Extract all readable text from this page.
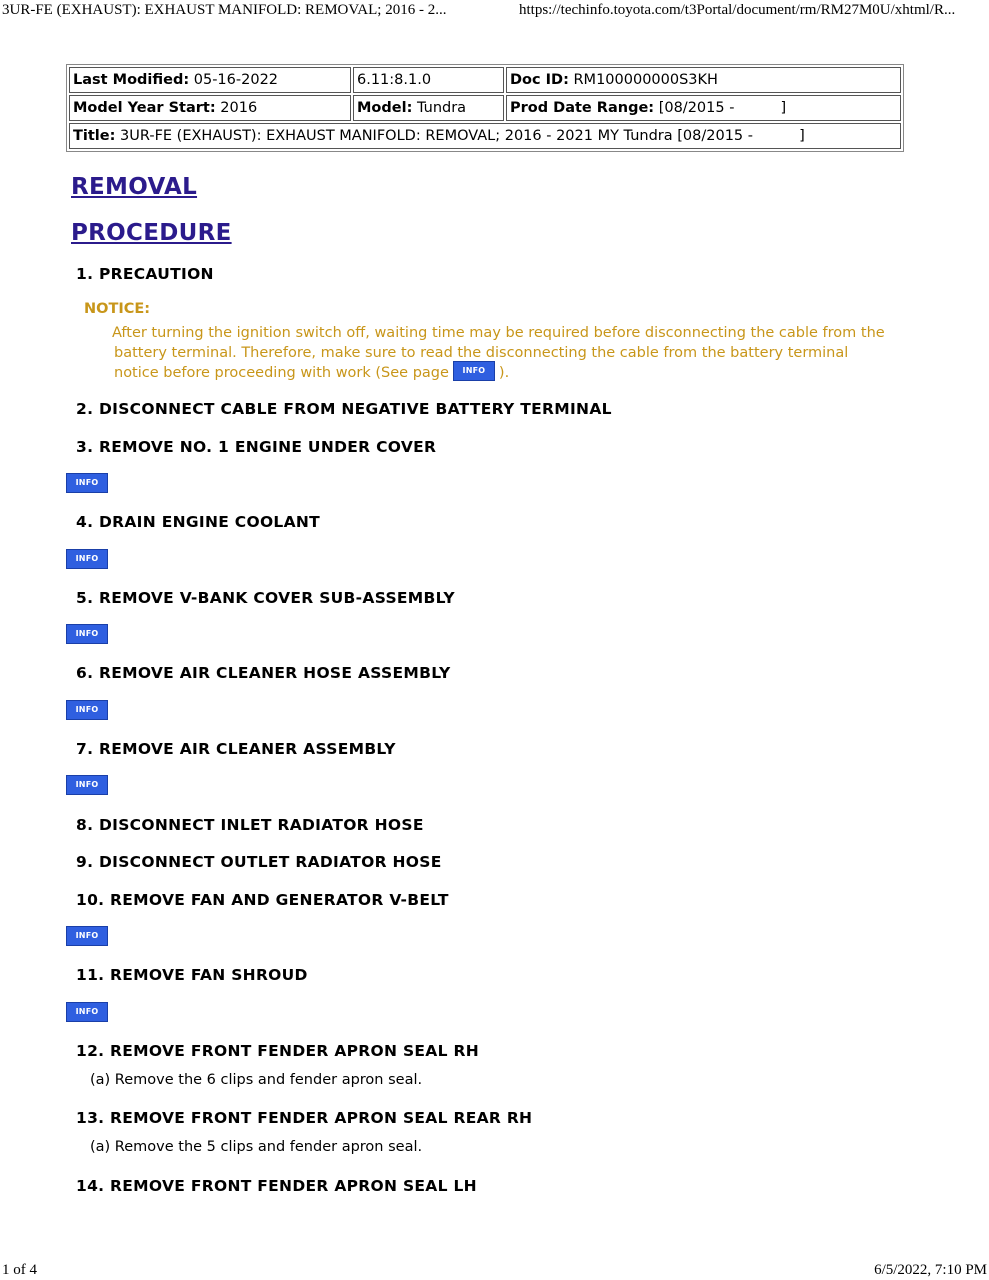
3UR-FE (EXHAUST): EXHAUST MANIFOLD: REMOVAL; 2016 - 2...	https://techinfo.toyota.com/t3Portal/document/rm/RM27M0U/xhtml/R...
Last Modified: 05-16-2022	6.11:8.1.0	Doc ID: RM100000000S3KH
Model Year Start: 2016	Model: Tundra	Prod Date Range: [08/2015 -          ]
Title: 3UR-FE (EXHAUST): EXHAUST MANIFOLD: REMOVAL; 2016 - 2021 MY Tundra [08/2015 -          ]
REMOVAL
PROCEDURE
1. PRECAUTION
NOTICE:
After turning the ignition switch off, waiting time may be required before disconnecting the cable from the
battery terminal. Therefore, make sure to read the disconnecting the cable from the battery terminal
notice before proceeding with work (See page INFO ).
2. DISCONNECT CABLE FROM NEGATIVE BATTERY TERMINAL
3. REMOVE NO. 1 ENGINE UNDER COVER
INFO
4. DRAIN ENGINE COOLANT
INFO
5. REMOVE V-BANK COVER SUB-ASSEMBLY
INFO
6. REMOVE AIR CLEANER HOSE ASSEMBLY
INFO
7. REMOVE AIR CLEANER ASSEMBLY
INFO
8. DISCONNECT INLET RADIATOR HOSE
9. DISCONNECT OUTLET RADIATOR HOSE
10. REMOVE FAN AND GENERATOR V-BELT
INFO
11. REMOVE FAN SHROUD
INFO
12. REMOVE FRONT FENDER APRON SEAL RH
(a) Remove the 6 clips and fender apron seal.
13. REMOVE FRONT FENDER APRON SEAL REAR RH
(a) Remove the 5 clips and fender apron seal.
14. REMOVE FRONT FENDER APRON SEAL LH
1 of 4	6/5/2022, 7:10 PM
